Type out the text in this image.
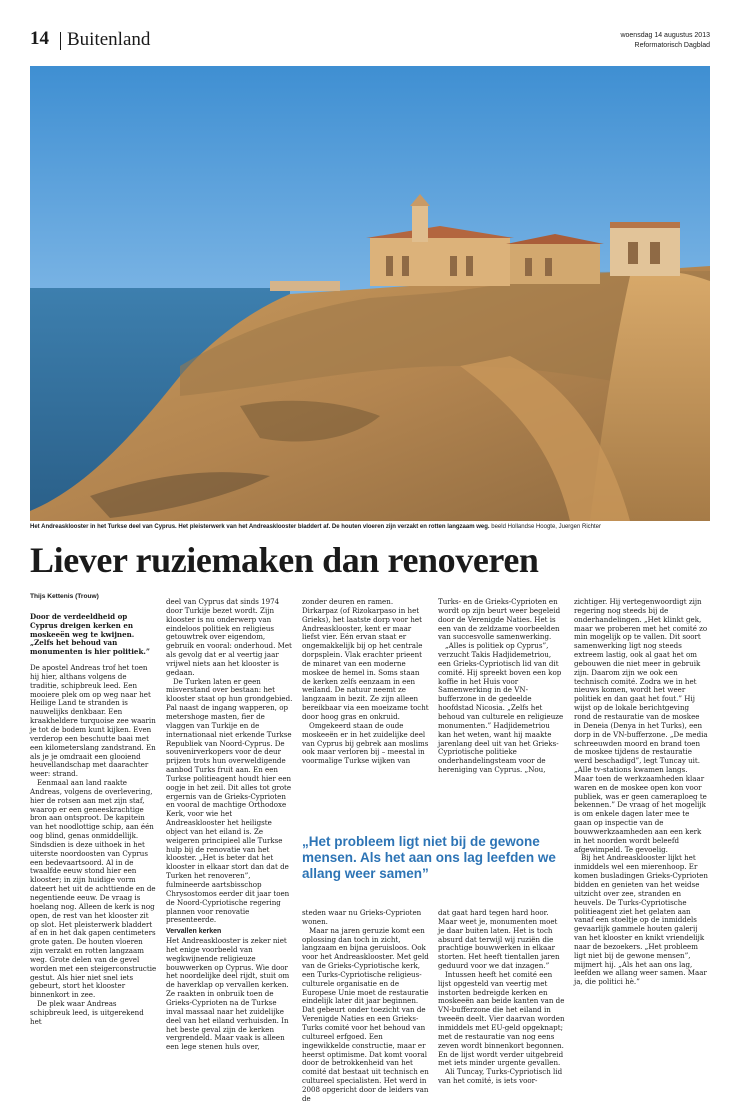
14 Buitenland	woensdag 14 augustus 2013
Reformatorisch Dagblad
Het Andreasklooster in het Turkse deel van Cyprus. Het pleisterwerk van het Andreasklooster bladdert af. De houten vloeren zijn verzakt en rotten langzaam weg. beeld Hollandse Hoogte, Juergen Richter
Liever ruziemaken dan renoveren

Thijs Kettenis (Trouw)

Door de verdeeldheid op Cyprus dreigen kerken en moskeeën weg te kwijnen. „Zelfs het behoud van monumenten is hier politiek.”

De apostel Andreas trof het toen hij hier, althans volgens de traditie, schipbreuk leed. Een mooiere plek om op weg naar het Heilige Land te stranden is nauwelijks denkbaar. Een kraakheldere turquoise zee waarin je tot de bodem kunt kijken. Even verderop een beschutte baai met een kilometerslang zandstrand. En als je je omdraait een glooiend heuvellandschap met daarachter weer: strand.

Eenmaal aan land raakte Andreas, volgens de overlevering, hier de rotsen aan met zijn staf, waarop er een geneeskrachtige bron aan ontsproot. De kapitein van het noodlottige schip, aan één oog blind, genas onmiddellijk. Sindsdien is deze uithoek in het uiterste noordoosten van Cyprus een bedevaartsoord. Al in de twaalfde eeuw stond hier een klooster; in zijn huidige vorm dateert het uit de achttiende en de negentiende eeuw. De vraag is hoelang nog. Alleen de kerk is nog open, de rest van het klooster zit op slot. Het pleisterwerk bladdert af en in het dak gapen centimeters grote gaten. De houten vloeren zijn verzakt en rotten langzaam weg. Grote delen van de gevel worden met een steigerconstructie gestut. Als hier niet snel iets gebeurt, stort het klooster binnenkort in zee.

De plek waar Andreas schipbreuk leed, is uitgerekend het

deel van Cyprus dat sinds 1974 door Turkije bezet wordt. Zijn klooster is nu onderwerp van eindeloos politiek en religieus getouwtrek over eigendom, gebruik en vooral: onderhoud. Met als gevolg dat er al veertig jaar vrijwel niets aan het klooster is gedaan.

De Turken laten er geen misverstand over bestaan: het klooster staat op hun grondgebied. Pal naast de ingang wapperen, op metershoge masten, fier de vlaggen van Turkije en de internationaal niet erkende Turkse Republiek van Noord-Cyprus. De souvenirverkopers voor de deur prijzen trots hun overweldigende aanbod Turks fruit aan. En een Turkse politieagent houdt hier een oogje in het zeil. Dit alles tot grote ergernis van de Grieks-Cyprioten en vooral de machtige Orthodoxe Kerk, voor wie het Andreasklooster het heiligste object van het eiland is. Ze weigeren principieel alle Turkse hulp bij de renovatie van het klooster. „Het is beter dat het klooster in elkaar stort dan dat de Turken het renoveren”, fulmineerde aartsbisschop Chrysostomos eerder dit jaar toen de Noord-Cypriotische regering plannen voor renovatie presenteerde.

Vervallen kerken

Het Andreasklooster is zeker niet het enige voorbeeld van wegkwijnende religieuze bouwwerken op Cyprus. Wie door het noordelijke deel rijdt, stuit om de haverklap op vervallen kerken. Ze raakten in onbruik toen de Grieks-Cyprioten na de Turkse inval massaal naar het zuidelijke deel van het eiland verhuisden. In het beste geval zijn de kerken vergrendeld. Maar vaak is alleen een lege stenen huls over,

zonder deuren en ramen. Dirkarpaz (of Rizokarpaso in het Grieks), het laatste dorp voor het Andreasklooster, kent er maar liefst vier. Eén ervan staat er ongemakkelijk bij op het centrale dorpsplein. Vlak erachter prieent de minaret van een moderne moskee de hemel in. Soms staan de kerken zelfs eenzaam in een weiland. De natuur neemt ze langzaam in bezit. Ze zijn alleen bereikbaar via een moeizame tocht door hoog gras en onkruid.

Omgekeerd staan de oude moskeeën er in het zuidelijke deel van Cyprus bij gebrek aan moslims ook maar verloren bij – meestal in voormalige Turkse wijken van

Turks- en de Grieks-Cyprioten en wordt op zijn beurt weer begeleid door de Verenigde Naties. Het is een van de zeldzame voorbeelden van succesvolle samenwerking.

„Alles is politiek op Cyprus”, verzucht Takis Hadjidemetriou, een Grieks-Cypriotisch lid van dit comité. Hij spreekt boven een kop koffie in het Huis voor Samenwerking in de VN-bufferzone in de gedeelde hoofdstad Nicosia. „Zelfs het behoud van culturele en religieuze monumenten.” Hadjidemetriou kan het weten, want hij maakte jarenlang deel uit van het Grieks-Cypriotische politieke onderhandelingsteam voor de hereniging van Cyprus. „Nou,

„Het probleem ligt niet bij de gewone mensen. Als het aan ons lag leefden we allang weer samen”

steden waar nu Grieks-Cyprioten wonen.

Maar na jaren geruzie komt een oplossing dan toch in zicht, langzaam en bijna geruisloos. Ook voor het Andreasklooster. Met geld van de Grieks-Cypriotische kerk, een Turks-Cypriotische religieus-culturele organisatie en de Europese Unie moet de restauratie eindelijk later dit jaar beginnen. Dat gebeurt onder toezicht van de Verenigde Naties en een Grieks-Turks comité voor het behoud van cultureel erfgoed. Een ingewikkelde constructie, maar er heerst optimisme. Dat komt vooral door de betrokkenheid van het comité dat bestaat uit technisch en cultureel specialisten. Het werd in 2008 opgericht door de leiders van de

dat gaat hard tegen hard hoor. Maar weet je, monumenten moet je daar buiten laten. Het is toch absurd dat terwijl wij ruziën die prachtige bouwwerken in elkaar storten. Het heeft tientallen jaren geduurd voor we dat inzagen.”

Intussen heeft het comité een lijst opgesteld van veertig met instorten bedreigde kerken en moskeeën aan beide kanten van de VN-bufferzone die het eiland in tweeën deelt. Vier daarvan worden inmiddels met EU-geld opgeknapt; met de restauratie van nog eens zeven wordt binnenkort begonnen. En de lijst wordt verder uitgebreid met iets minder urgente gevallen.

Ali Tuncay, Turks-Cypriotisch lid van het comité, is iets voor-

zichtiger. Hij vertegenwoordigt zijn regering nog steeds bij de onderhandelingen. „Het klinkt gek, maar we proberen met het comité zo min mogelijk op te vallen. Dit soort samenwerking ligt nog steeds extreem lastig, ook al gaat het om gebouwen die niet meer in gebruik zijn. Daarom zijn we ook een technisch comité. Zodra we in het nieuws komen, wordt het weer politiek en dan gaat het fout.” Hij wijst op de lokale berichtgeving rond de restauratie van de moskee in Deneia (Denya in het Turks), een dorp in de VN-bufferzone. „De media schreeuwden moord en brand toen de moskee tijdens de restauratie werd beschadigd”, legt Tuncay uit. „Alle tv-stations kwamen langs. Maar toen de werkzaamheden klaar waren en de moskee open kon voor publiek, was er geen cameraploeg te bekennen.” De vraag of het mogelijk is om enkele dagen later mee te gaan op inspectie van de bouwwerkzaamheden aan een kerk in het noorden wordt beleefd afgewimpeld. Te gevoelig.

Bij het Andreasklooster lijkt het inmiddels wel een mierenhoop. Er komen busladingen Grieks-Cyprioten bidden en genieten van het weidse uitzicht over zee, stranden en heuvels. De Turks-Cypriotische politieagent ziet het gelaten aan vanaf een stoeltje op de inmiddels gevaarlijk gammele houten galerij van het klooster en knikt vriendelijk naar de bezoekers. „Het probleem ligt niet bij de gewone mensen”, mijmert hij. „Als het aan ons lag, leefden we allang weer samen. Maar ja, die politici hè.”
